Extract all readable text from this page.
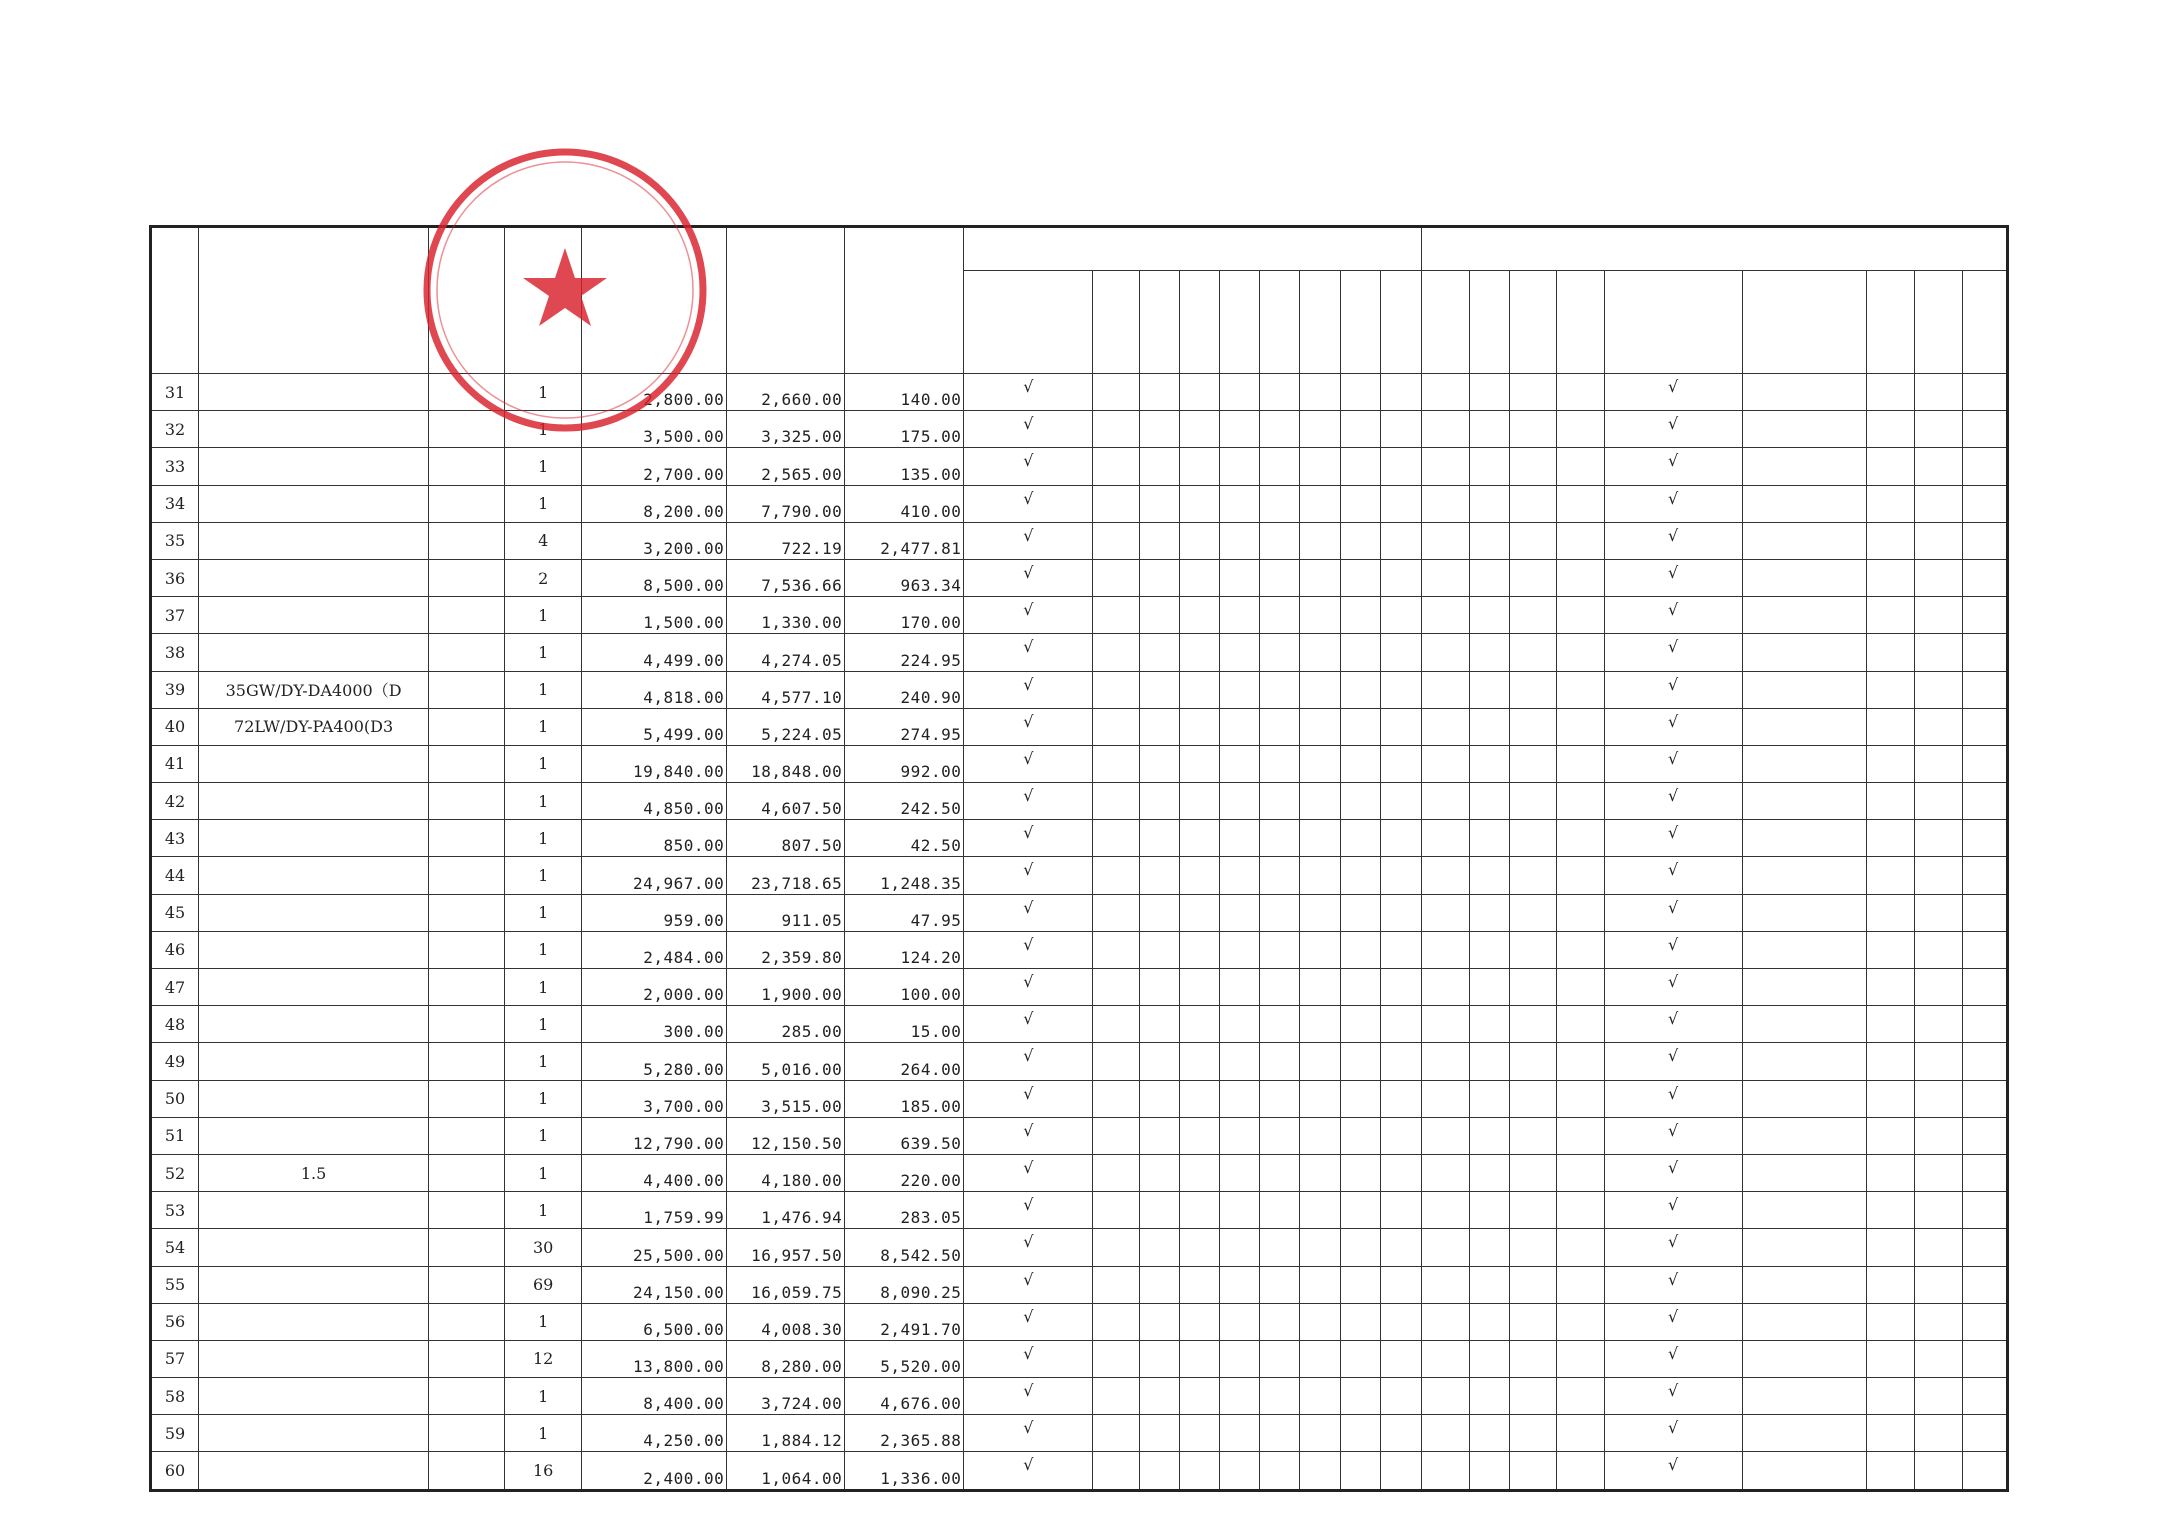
31			1	2,800.00	2,660.00	140.00	√													√				
32			1	3,500.00	3,325.00	175.00	√													√				
33			1	2,700.00	2,565.00	135.00	√													√				
34			1	8,200.00	7,790.00	410.00	√													√				
35			4	3,200.00	722.19	2,477.81	√													√				
36			2	8,500.00	7,536.66	963.34	√													√				
37			1	1,500.00	1,330.00	170.00	√													√				
38			1	4,499.00	4,274.05	224.95	√													√				
39	35GW/DY-DA4000（D		1	4,818.00	4,577.10	240.90	√													√				
40	72LW/DY-PA400(D3		1	5,499.00	5,224.05	274.95	√													√				
41			1	19,840.00	18,848.00	992.00	√													√				
42			1	4,850.00	4,607.50	242.50	√													√				
43			1	850.00	807.50	42.50	√													√				
44			1	24,967.00	23,718.65	1,248.35	√													√				
45			1	959.00	911.05	47.95	√													√				
46			1	2,484.00	2,359.80	124.20	√													√				
47			1	2,000.00	1,900.00	100.00	√													√				
48			1	300.00	285.00	15.00	√													√				
49			1	5,280.00	5,016.00	264.00	√													√				
50			1	3,700.00	3,515.00	185.00	√													√				
51			1	12,790.00	12,150.50	639.50	√													√				
52	1.5		1	4,400.00	4,180.00	220.00	√													√				
53			1	1,759.99	1,476.94	283.05	√													√				
54			30	25,500.00	16,957.50	8,542.50	√													√				
55			69	24,150.00	16,059.75	8,090.25	√													√				
56			1	6,500.00	4,008.30	2,491.70	√													√				
57			12	13,800.00	8,280.00	5,520.00	√													√				
58			1	8,400.00	3,724.00	4,676.00	√													√				
59			1	4,250.00	1,884.12	2,365.88	√													√				
60			16	2,400.00	1,064.00	1,336.00	√													√				
